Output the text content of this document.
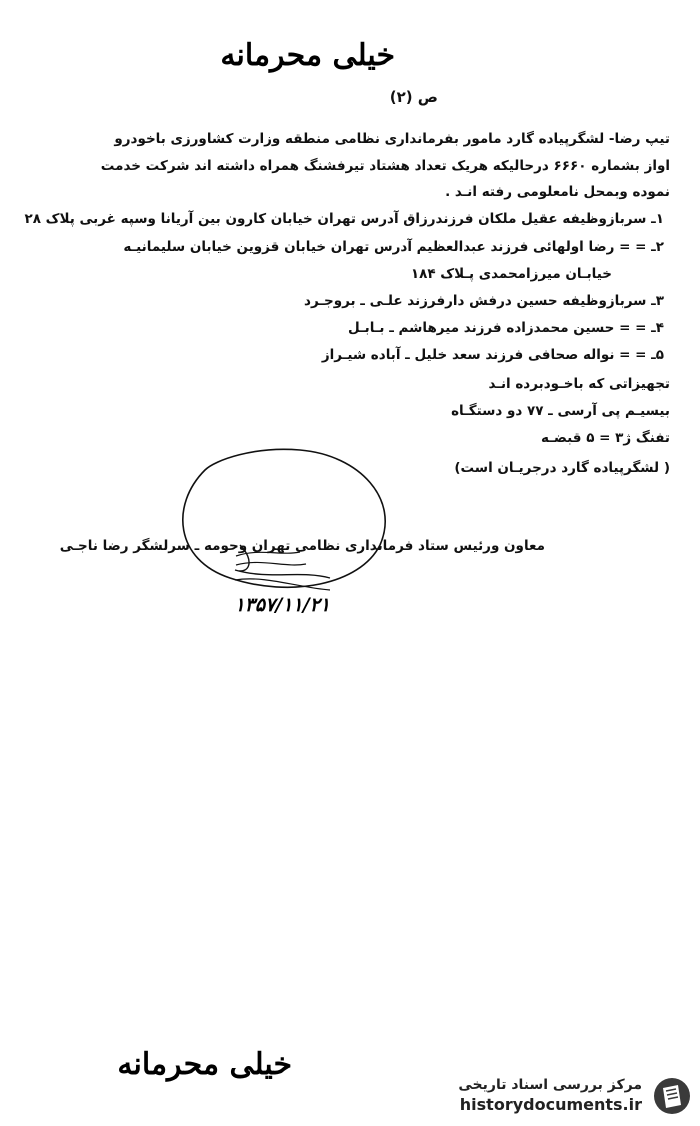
خیلی محرمانه
ص (۲)
تیپ رضا- لشگرپیاده گارد مامور بفرمانداری نظامی منطقه وزارت کشاورزی باخودرو
اواز بشماره ۶۶۶۰ درحالیکه هریک تعداد هشتاد تیرفشنگ همراه داشته اند شرکت خدمت
نموده وبمحل نامعلومی رفته انـد .
۱ـ سربازوظیفه عقیل ملکان فرزندرزاق آدرس تهران خیابان کارون بین آریانا وسپه غربی پلاک ۲۸
۲ـ = = رضا اولهائی فرزند عبدالعظیم آدرس تهران خیابان قزوین خیابان سلیمانیـه
خیابـان میرزامحمدی پـلاک ۱۸۴
۳ـ سربازوظیفه حسین درفش دارفرزند علـی ـ بروجـرد
۴ـ = = حسین محمدزاده فرزند میرهاشم ـ بـابـل
۵ـ = = نواله صحافی فرزند سعد خلیل ـ آباده شیـراز
تجهیزاتی که باخـودبرده انـد
بیسیـم پی آرسی ـ ۷۷ دو دستگـاه
تفنگ ژ۳ = ۵ قبضـه
( لشگرپیاده گارد درجریـان است)
معاون ورئیس ستاد فرمانداری نظامی تهران وحومه ـ سرلشگر رضا ناجـی
۱۳۵۷/۱۱/۲۱
خیلی محرمانه
مرکز بررسی اسناد تاریخی
historydocuments.ir
